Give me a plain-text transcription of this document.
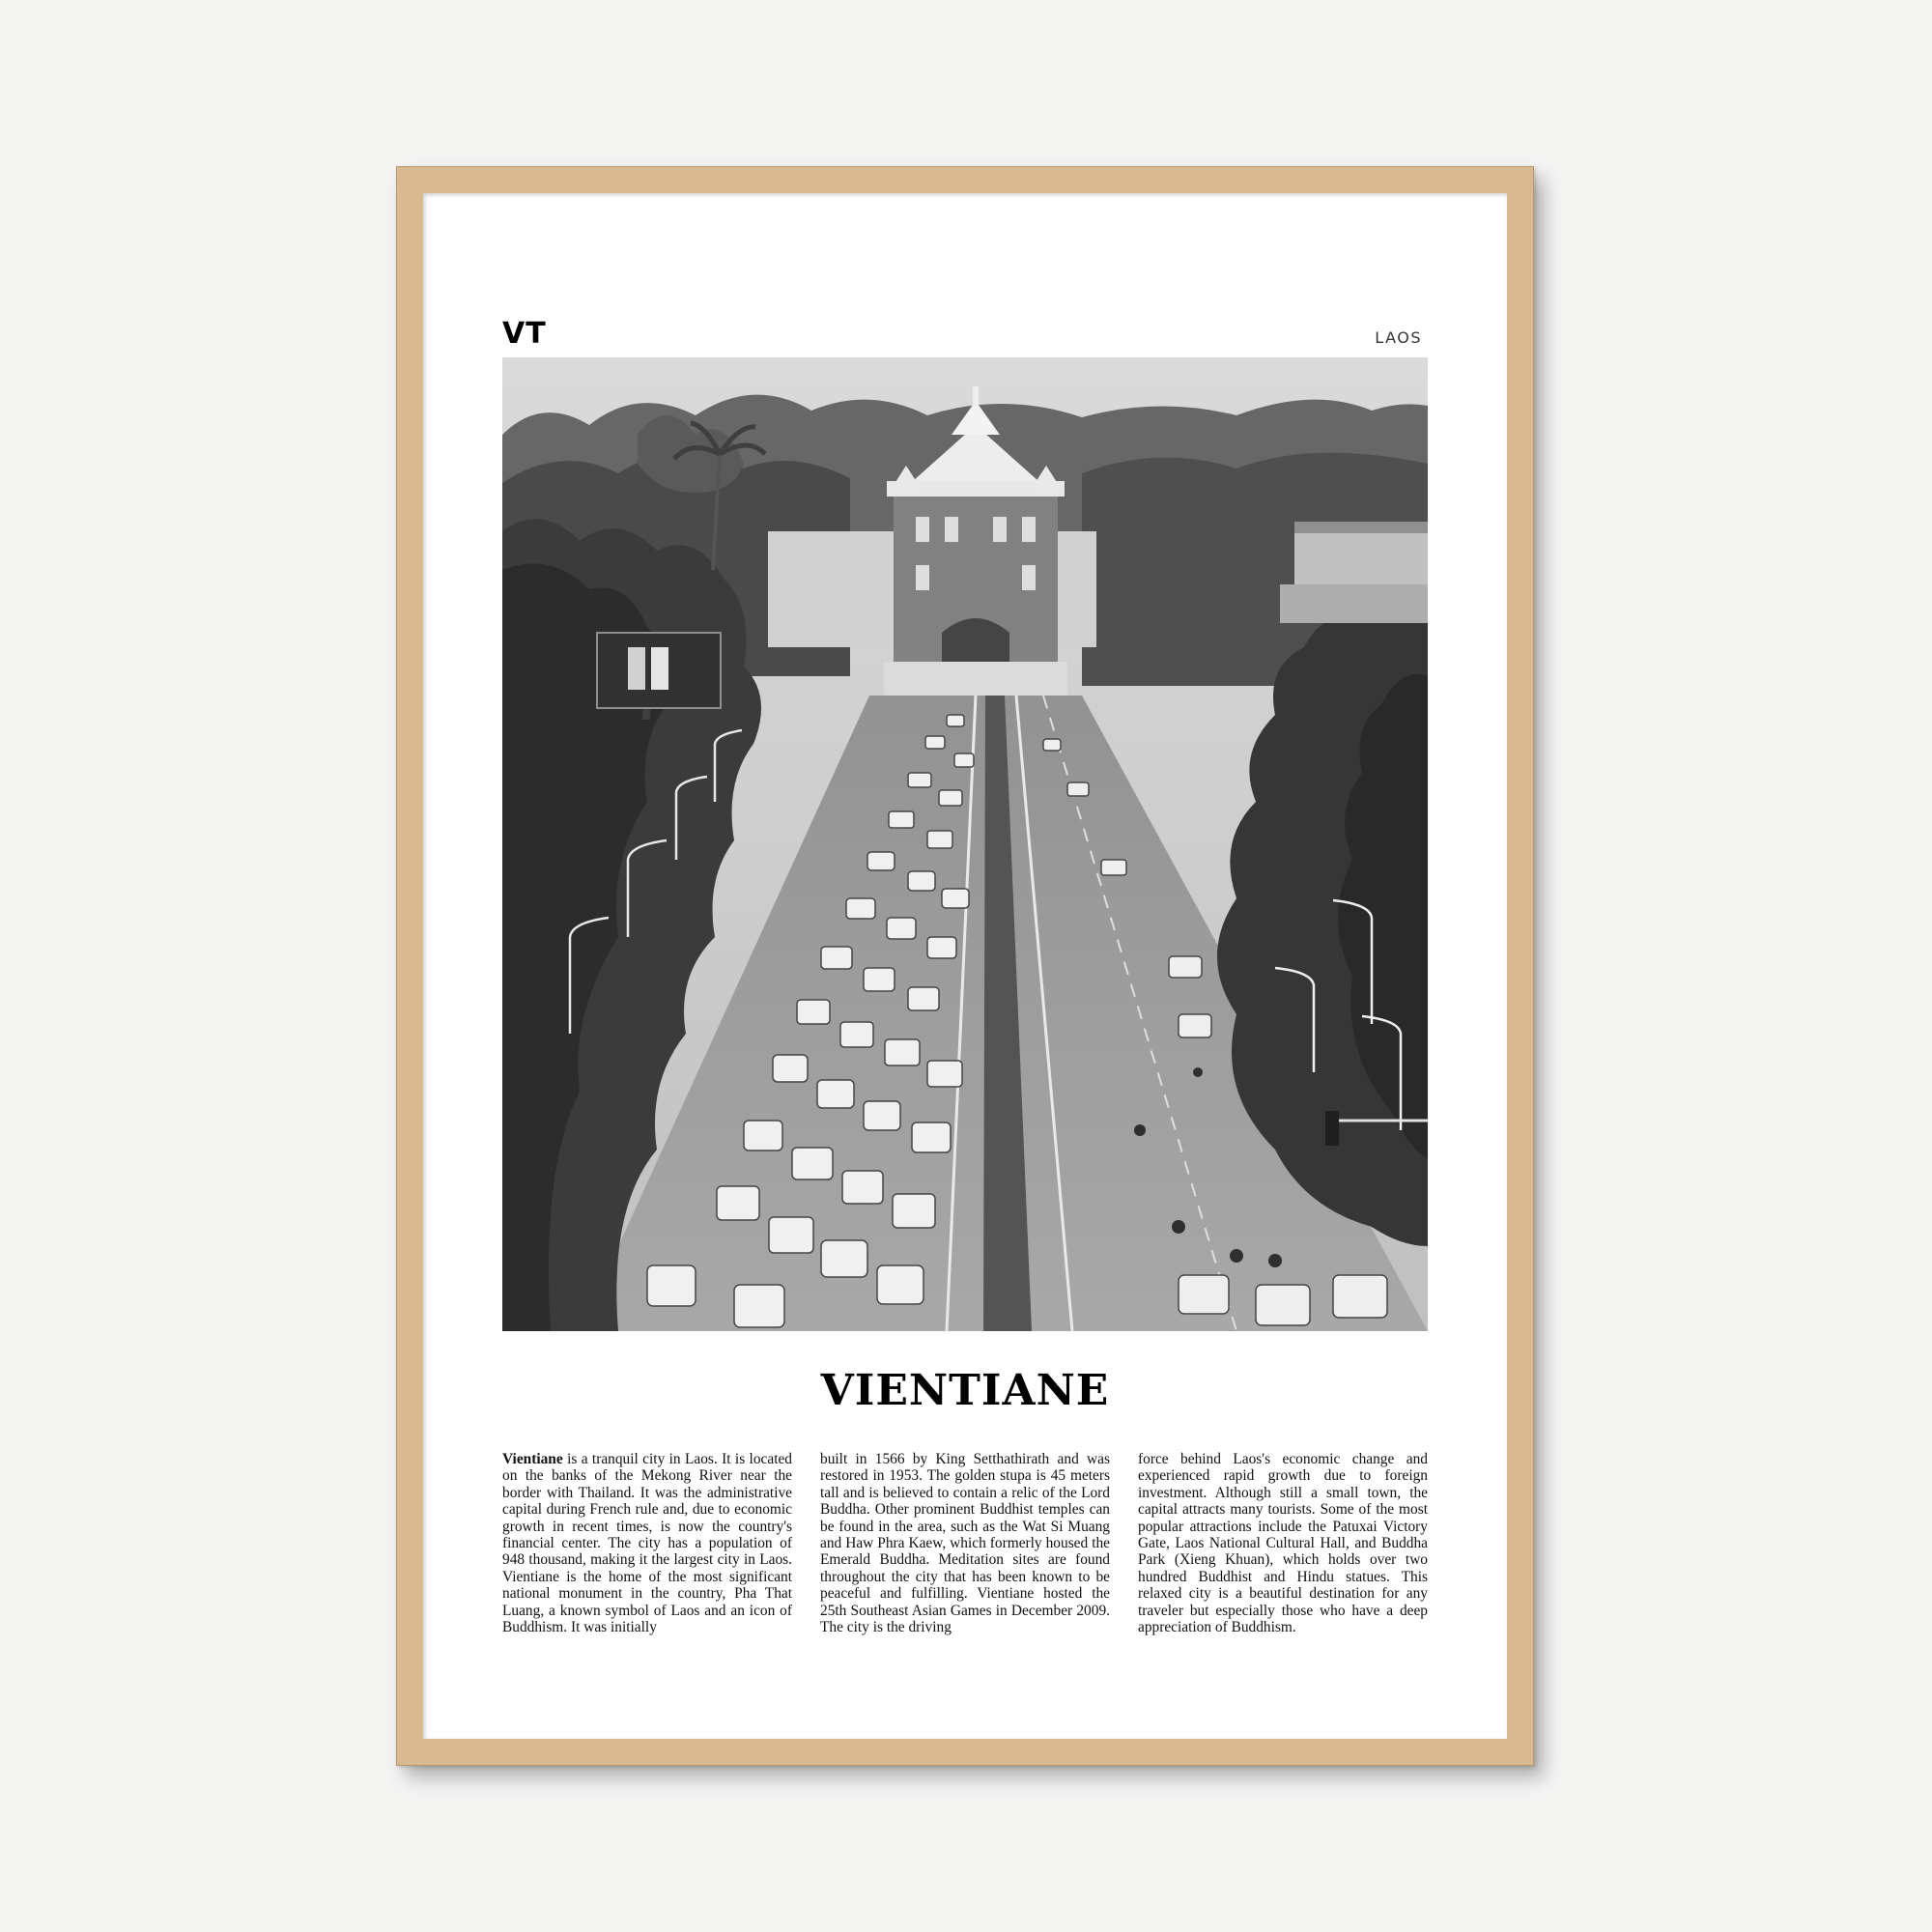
VT	LAOS
VIENTIANE
Vientiane is a tranquil city in Laos. It is located on the banks of the Mekong River near the border with Thailand. It was the administrative capital during French rule and, due to economic growth in recent times, is now the country's financial center. The city has a population of 948 thousand, making it the largest city in Laos. Vientiane is the home of the most significant national monument in the country, Pha That Luang, a known symbol of Laos and an icon of Buddhism. It was initially
built in 1566 by King Setthathirath and was restored in 1953. The golden stupa is 45 meters tall and is believed to contain a relic of the Lord Buddha. Other prominent Buddhist temples can be found in the area, such as the Wat Si Muang and Haw Phra Kaew, which formerly housed the Emerald Buddha. Meditation sites are found throughout the city that has been known to be peaceful and fulfilling. Vientiane hosted the 25th Southeast Asian Games in December 2009. The city is the driving
force behind Laos's economic change and experienced rapid growth due to foreign investment. Although still a small town, the capital attracts many tourists. Some of the most popular attractions include the Patuxai Victory Gate, Laos National Cultural Hall, and Buddha Park (Xieng Khuan), which holds over two hundred Buddhist and Hindu statues. This relaxed city is a beautiful destination for any traveler but especially those who have a deep appreciation of Buddhism.
